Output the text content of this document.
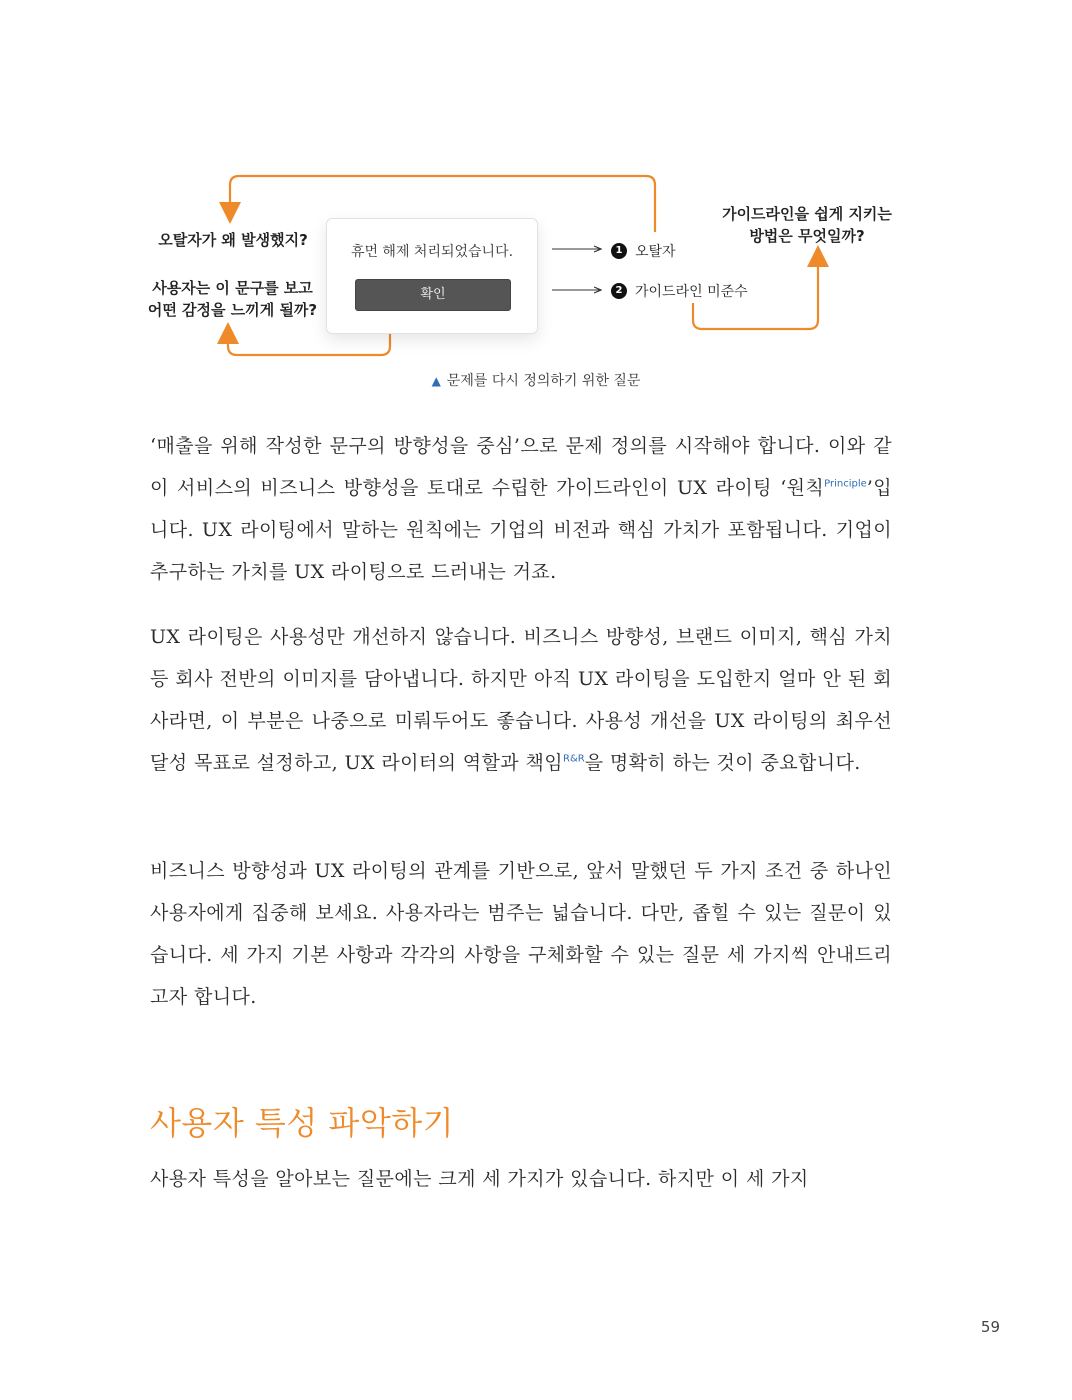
오탈자가 왜 발생했지?
사용자는 이 문구를 보고
어떤 감정을 느끼게 될까?
가이드라인을 쉽게 지키는
방법은 무엇일까?
휴먼 해제 처리되었습니다.
확인
1 오탈자
2 가이드라인 미준수
▲ 문제를 다시 정의하기 위한 질문
‘매출을 위해 작성한 문구의 방향성을 중심’으로 문제 정의를 시작해야 합니다. 이와 같이 서비스의 비즈니스 방향성을 토대로 수립한 가이드라인이 UX 라이팅 ‘원칙$^{Principle}$’입니다. UX 라이팅에서 말하는 원칙에는 기업의 비전과 핵심 가치가 포함됩니다. 기업이 추구하는 가치를 UX 라이팅으로 드러내는 거죠.
UX 라이팅은 사용성만 개선하지 않습니다. 비즈니스 방향성, 브랜드 이미지, 핵심 가치 등 회사 전반의 이미지를 담아냅니다. 하지만 아직 UX 라이팅을 도입한지 얼마 안 된 회사라면, 이 부분은 나중으로 미뤄두어도 좋습니다. 사용성 개선을 UX 라이팅의 최우선 달성 목표로 설정하고, UX 라이터의 역할과 책임$^{R\&R}$을 명확히 하는 것이 중요합니다.
비즈니스 방향성과 UX 라이팅의 관계를 기반으로, 앞서 말했던 두 가지 조건 중 하나인 사용자에게 집중해 보세요. 사용자라는 범주는 넓습니다. 다만, 좁힐 수 있는 질문이 있습니다. 세 가지 기본 사항과 각각의 사항을 구체화할 수 있는 질문 세 가지씩 안내드리고자 합니다.
사용자 특성 파악하기
사용자 특성을 알아보는 질문에는 크게 세 가지가 있습니다. 하지만 이 세 가지
59
